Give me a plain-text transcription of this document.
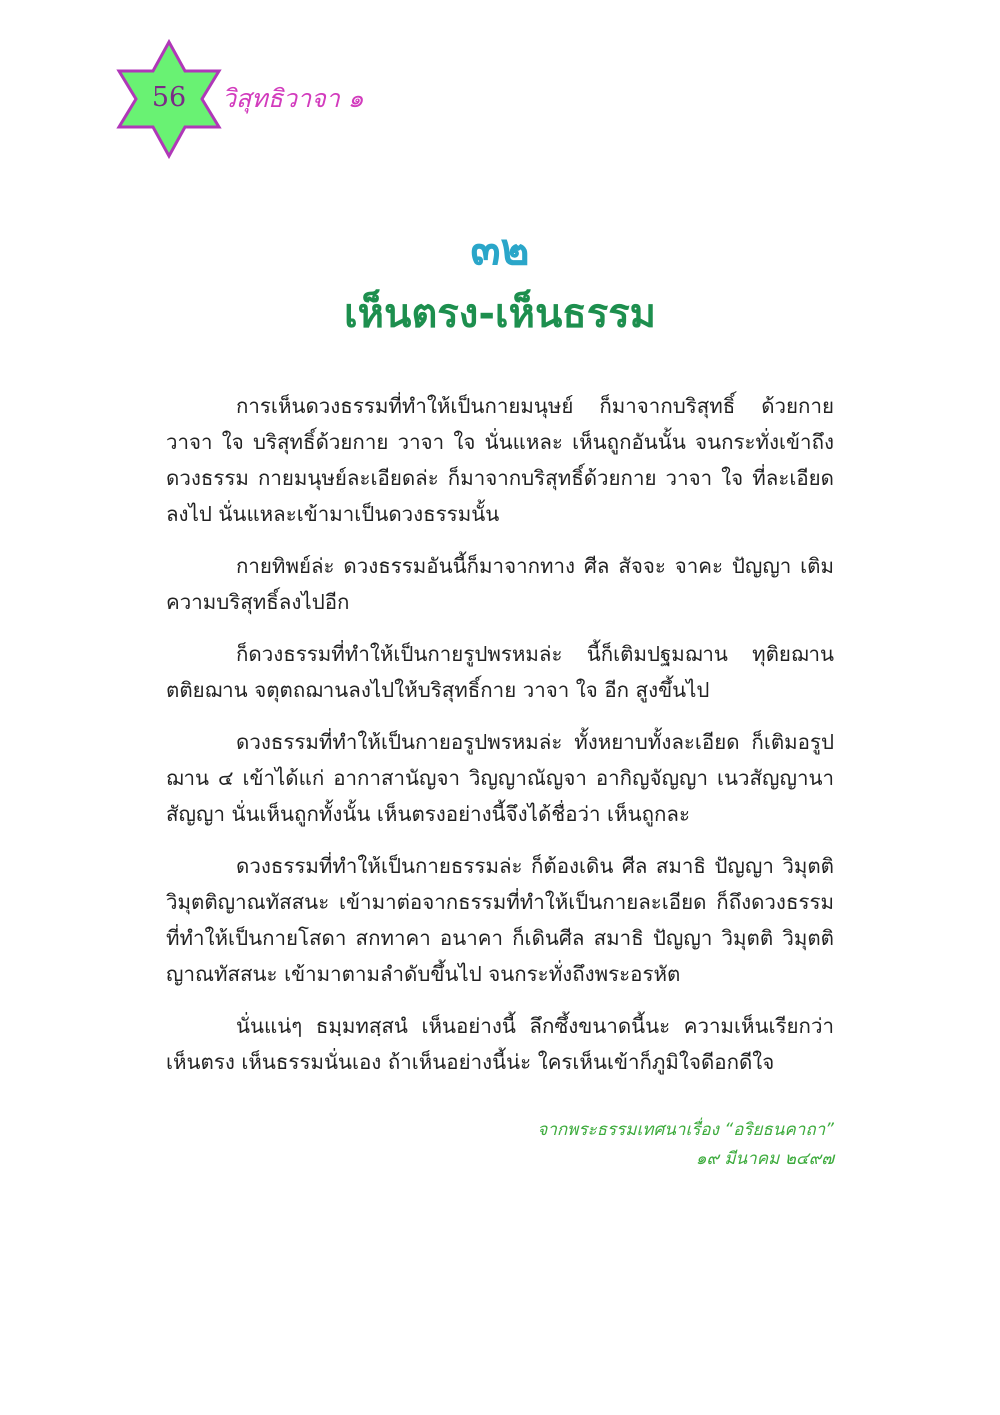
56	วิสุทธิวาจา ๑
๓๒
เห็นตรง-เห็นธรรม

การเห็นดวงธรรมที่ทำให้เป็นกายมนุษย์ ก็มาจากบริสุทธิ์ ด้วยกาย วาจา ใจ บริสุทธิ์ด้วยกาย วาจา ใจ นั่นแหละ เห็นถูกอันนั้น จนกระทั่งเข้าถึงดวงธรรม กายมนุษย์ละเอียดล่ะ ก็มาจากบริสุทธิ์ด้วยกาย วาจา ใจ ที่ละเอียดลงไป นั่นแหละเข้ามาเป็นดวงธรรมนั้น

กายทิพย์ล่ะ ดวงธรรมอันนี้ก็มาจากทาง ศีล สัจจะ จาคะ ปัญญา เติมความบริสุทธิ์ลงไปอีก

ก็ดวงธรรมที่ทำให้เป็นกายรูปพรหมล่ะ นี้ก็เติมปฐมฌาน ทุติยฌาน ตติยฌาน จตุตถฌานลงไปให้บริสุทธิ์กาย วาจา ใจ อีก สูงขึ้นไป

ดวงธรรมที่ทำให้เป็นกายอรูปพรหมล่ะ ทั้งหยาบทั้งละเอียด ก็เติมอรูปฌาน ๔ เข้าได้แก่ อากาสานัญจา วิญญาณัญจา อากิญจัญญา เนวสัญญานาสัญญา นั่นเห็นถูกทั้งนั้น เห็นตรงอย่างนี้จึงได้ชื่อว่า เห็นถูกละ

ดวงธรรมที่ทำให้เป็นกายธรรมล่ะ ก็ต้องเดิน ศีล สมาธิ ปัญญา วิมุตติ วิมุตติญาณทัสสนะ เข้ามาต่อจากธรรมที่ทำให้เป็นกายละเอียด ก็ถึงดวงธรรมที่ทำให้เป็นกายโสดา สกทาคา อนาคา ก็เดินศีล สมาธิ ปัญญา วิมุตติ วิมุตติญาณทัสสนะ เข้ามาตามลำดับขึ้นไป จนกระทั่งถึงพระอรหัต

นั่นแน่ๆ ธมฺมทสฺสนํ เห็นอย่างนี้ ลึกซึ้งขนาดนี้นะ ความเห็นเรียกว่าเห็นตรง เห็นธรรมนั่นเอง ถ้าเห็นอย่างนี้น่ะ ใครเห็นเข้าก็ภูมิใจดีอกดีใจ

จากพระธรรมเทศนาเรื่อง “อริยธนคาถา”
๑๙ มีนาคม ๒๔๙๗
